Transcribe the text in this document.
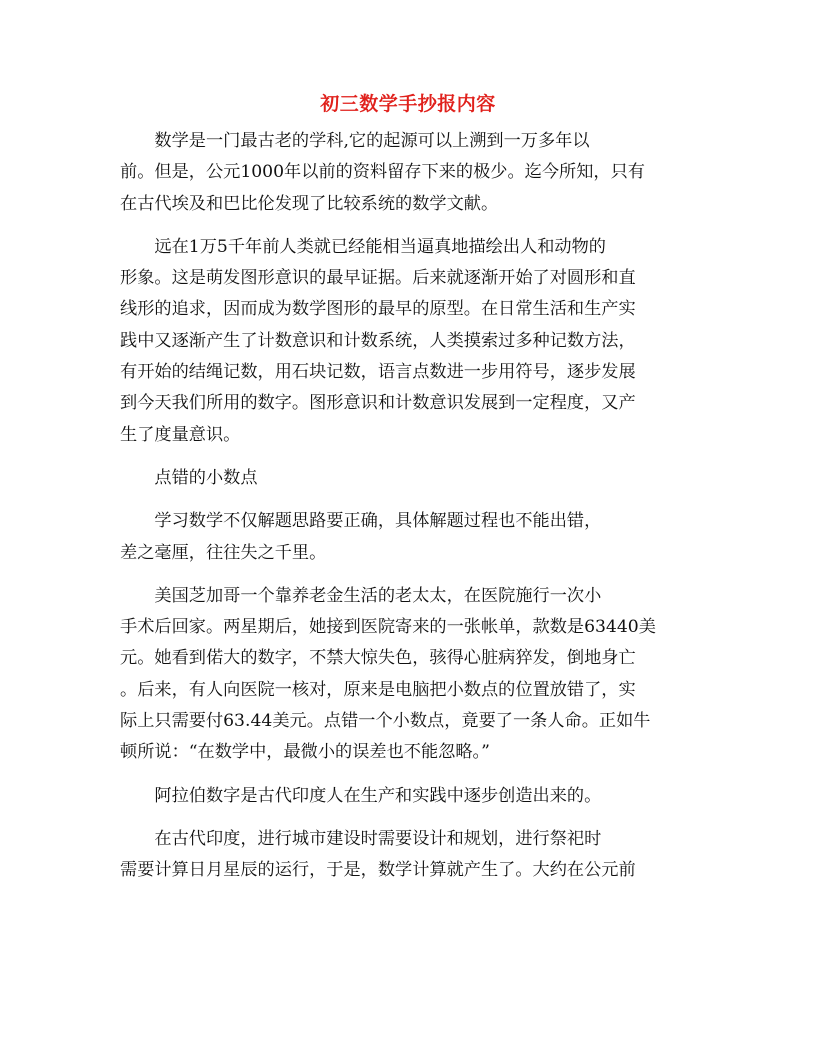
初三数学手抄报内容
数学是一门最古老的学科,它的起源可以上溯到一万多年以
前。但是，公元1000年以前的资料留存下来的极少。迄今所知，只有
在古代埃及和巴比伦发现了比较系统的数学文献。
远在1万5千年前人类就已经能相当逼真地描绘出人和动物的
形象。这是萌发图形意识的最早证据。后来就逐渐开始了对圆形和直
线形的追求，因而成为数学图形的最早的原型。在日常生活和生产实
践中又逐渐产生了计数意识和计数系统，人类摸索过多种记数方法，
有开始的结绳记数，用石块记数，语言点数进一步用符号，逐步发展
到今天我们所用的数字。图形意识和计数意识发展到一定程度，又产
生了度量意识。
点错的小数点
学习数学不仅解题思路要正确，具体解题过程也不能出错，
差之毫厘，往往失之千里。
美国芝加哥一个靠养老金生活的老太太，在医院施行一次小
手术后回家。两星期后，她接到医院寄来的一张帐单，款数是63440美
元。她看到偌大的数字，不禁大惊失色，骇得心脏病猝发，倒地身亡
。后来，有人向医院一核对，原来是电脑把小数点的位置放错了，实
际上只需要付63.44美元。点错一个小数点，竟要了一条人命。正如牛
顿所说：“在数学中，最微小的误差也不能忽略。”
阿拉伯数字是古代印度人在生产和实践中逐步创造出来的。
在古代印度，进行城市建设时需要设计和规划，进行祭祀时
需要计算日月星辰的运行，于是，数学计算就产生了。大约在公元前
